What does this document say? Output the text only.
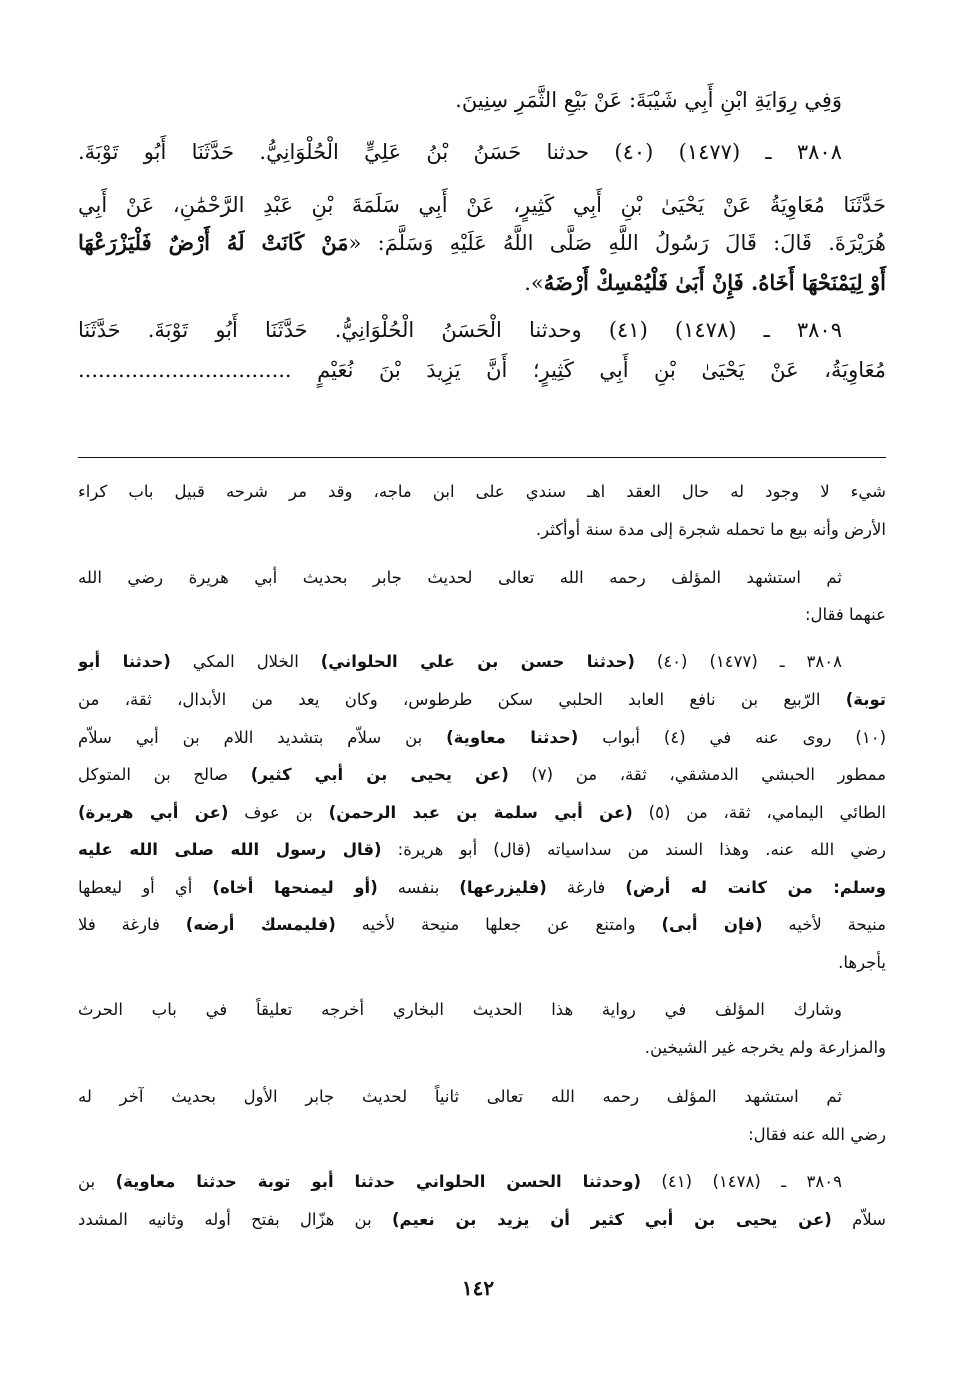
وَفِي رِوَايَةِ ابْنِ أَبِي شَيْبَةَ: عَنْ بَيْعِ الثَّمَرِ سِنِينَ.
٣٨٠٨ ـ (١٤٧٧) (٤٠) حدثنا حَسَنُ بْنُ عَلِيٍّ الْحُلْوَانِيُّ. حَدَّثَنَا أَبُو تَوْبَةَ.
حَدَّثَنَا مُعَاوِيَةُ عَنْ يَحْيَىٰ بْنِ أَبِي كَثِيرٍ، عَنْ أَبِي سَلَمَةَ بْنِ عَبْدِ الرَّحْمَٰنِ، عَنْ أَبِي
هُرَيْرَةَ. قَالَ: قَالَ رَسُولُ اللَّهِ صَلَّى اللَّهُ عَلَيْهِ وَسَلَّمَ: «مَنْ كَانَتْ لَهُ أَرْضٌ فَلْيَزْرَعْهَا
أَوْ لِيَمْنَحْهَا أَخَاهُ. فَإِنْ أَبَىٰ فَلْيُمْسِكْ أَرْضَهُ».
٣٨٠٩ ـ (١٤٧٨) (٤١) وحدثنا الْحَسَنُ الْحُلْوَانِيُّ. حَدَّثَنَا أَبُو تَوْبَةَ. حَدَّثَنَا
مُعَاوِيَةُ، عَنْ يَحْيَىٰ بْنِ أَبِي كَثِيرٍ؛ أَنَّ يَزِيدَ بْنَ نُعَيْمٍ ................................
شيء لا وجود له حال العقد اهـ سندي على ابن ماجه، وقد مر شرحه قبيل باب كراء
الأرض وأنه بيع ما تحمله شجرة إلى مدة سنة أوأكثر.
ثم استشهد المؤلف رحمه الله تعالى لحديث جابر بحديث أبي هريرة رضي الله
عنهما فقال:
٣٨٠٨ ـ (١٤٧٧) (٤٠) (حدثنا حسن بن علي الحلواني) الخلال المكي (حدثنا أبو
توبة) الرّبيع بن نافع العابد الحلبي سكن طرطوس، وكان يعد من الأبدال، ثقة، من
(١٠) روى عنه في (٤) أبواب (حدثنا معاوية) بن سلاّم بتشديد اللام بن أبي سلاّم
ممطور الحبشي الدمشقي، ثقة، من (٧) (عن يحيى بن أبي كثير) صالح بن المتوكل
الطائي اليمامي، ثقة، من (٥) (عن أبي سلمة بن عبد الرحمن) بن عوف (عن أبي هريرة)
رضي الله عنه. وهذا السند من سداسياته (قال) أبو هريرة: (قال رسول الله صلى الله عليه
وسلم: من كانت له أرض) فارغة (فليزرعها) بنفسه (أو ليمنحها أخاه) أي أو ليعطها
منيحة لأخيه (فإن أبى) وامتنع عن جعلها منيحة لأخيه (فليمسك أرضه) فارغة فلا
يأجرها.
وشارك المؤلف في رواية هذا الحديث البخاري أخرجه تعليقاً في باب الحرث
والمزارعة ولم يخرجه غير الشيخين.
ثم استشهد المؤلف رحمه الله تعالى ثانياً لحديث جابر الأول بحديث آخر له
رضي الله عنه فقال:
٣٨٠٩ ـ (١٤٧٨) (٤١) (وحدثنا الحسن الحلواني حدثنا أبو توبة حدثنا معاوية) بن
سلاّم (عن يحيى بن أبي كثير أن يزيد بن نعيم) بن هزّال بفتح أوله وثانيه المشدد
١٤٢
